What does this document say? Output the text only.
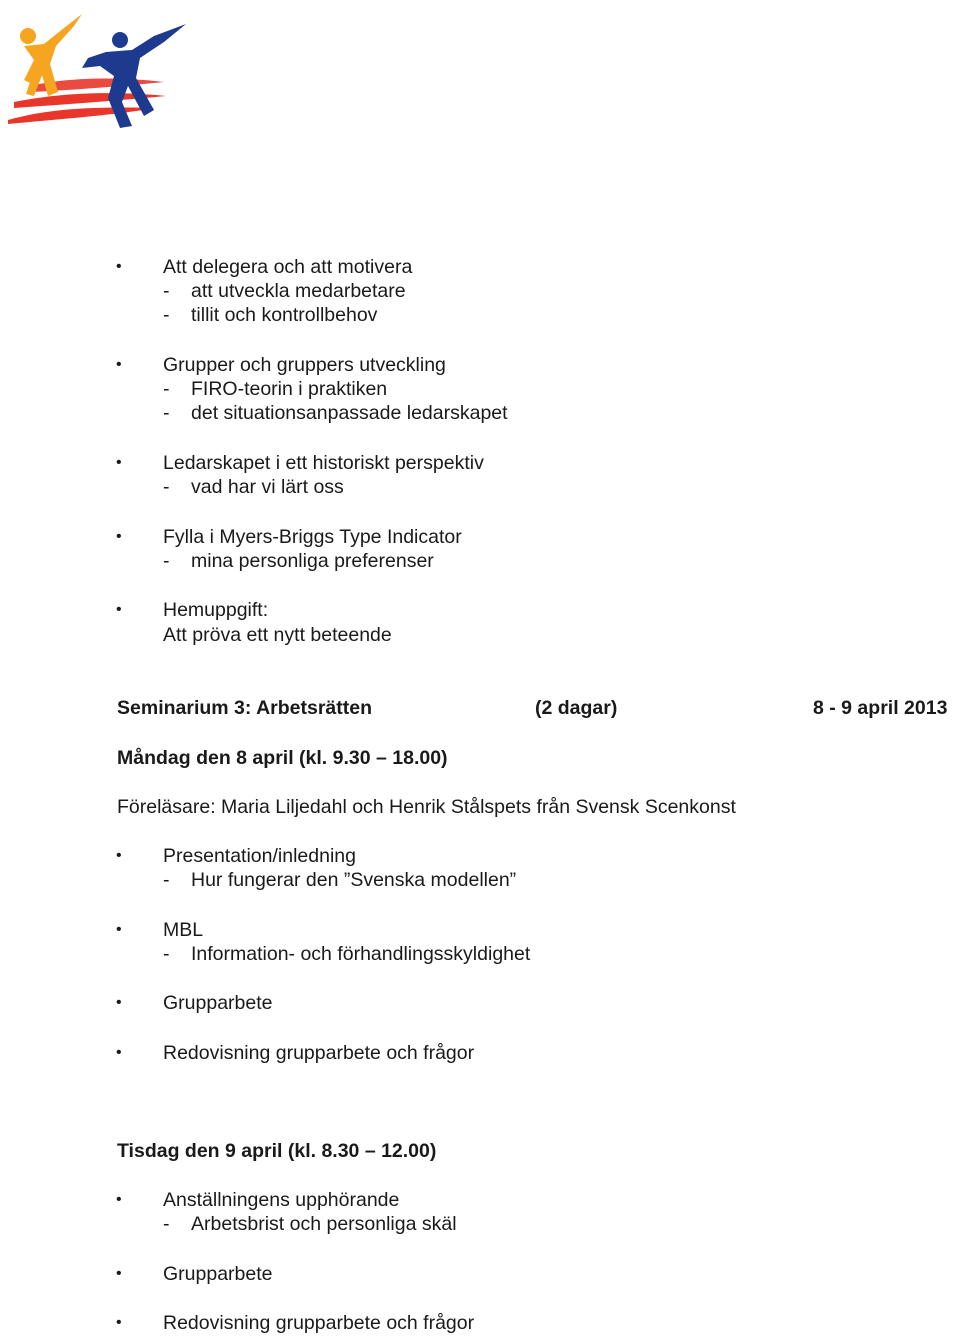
• Att delegera och att motivera
- att utveckla medarbetare
- tillit och kontrollbehov
• Grupper och gruppers utveckling
- FIRO-teorin i praktiken
- det situationsanpassade ledarskapet
• Ledarskapet i ett historiskt perspektiv
- vad har vi lärt oss
• Fylla i Myers-Briggs Type Indicator
- mina personliga preferenser
• Hemuppgift:
Att pröva ett nytt beteende
Seminarium 3: Arbetsrätten	(2 dagar)	8 - 9 april 2013
Måndag den 8 april (kl. 9.30 – 18.00)
Föreläsare: Maria Liljedahl och Henrik Stålspets från Svensk Scenkonst
• Presentation/inledning
- Hur fungerar den ”Svenska modellen”
• MBL
- Information- och förhandlingsskyldighet
• Grupparbete
• Redovisning grupparbete och frågor
Tisdag den 9 april (kl. 8.30 – 12.00)
• Anställningens upphörande
- Arbetsbrist och personliga skäl
• Grupparbete
• Redovisning grupparbete och frågor
